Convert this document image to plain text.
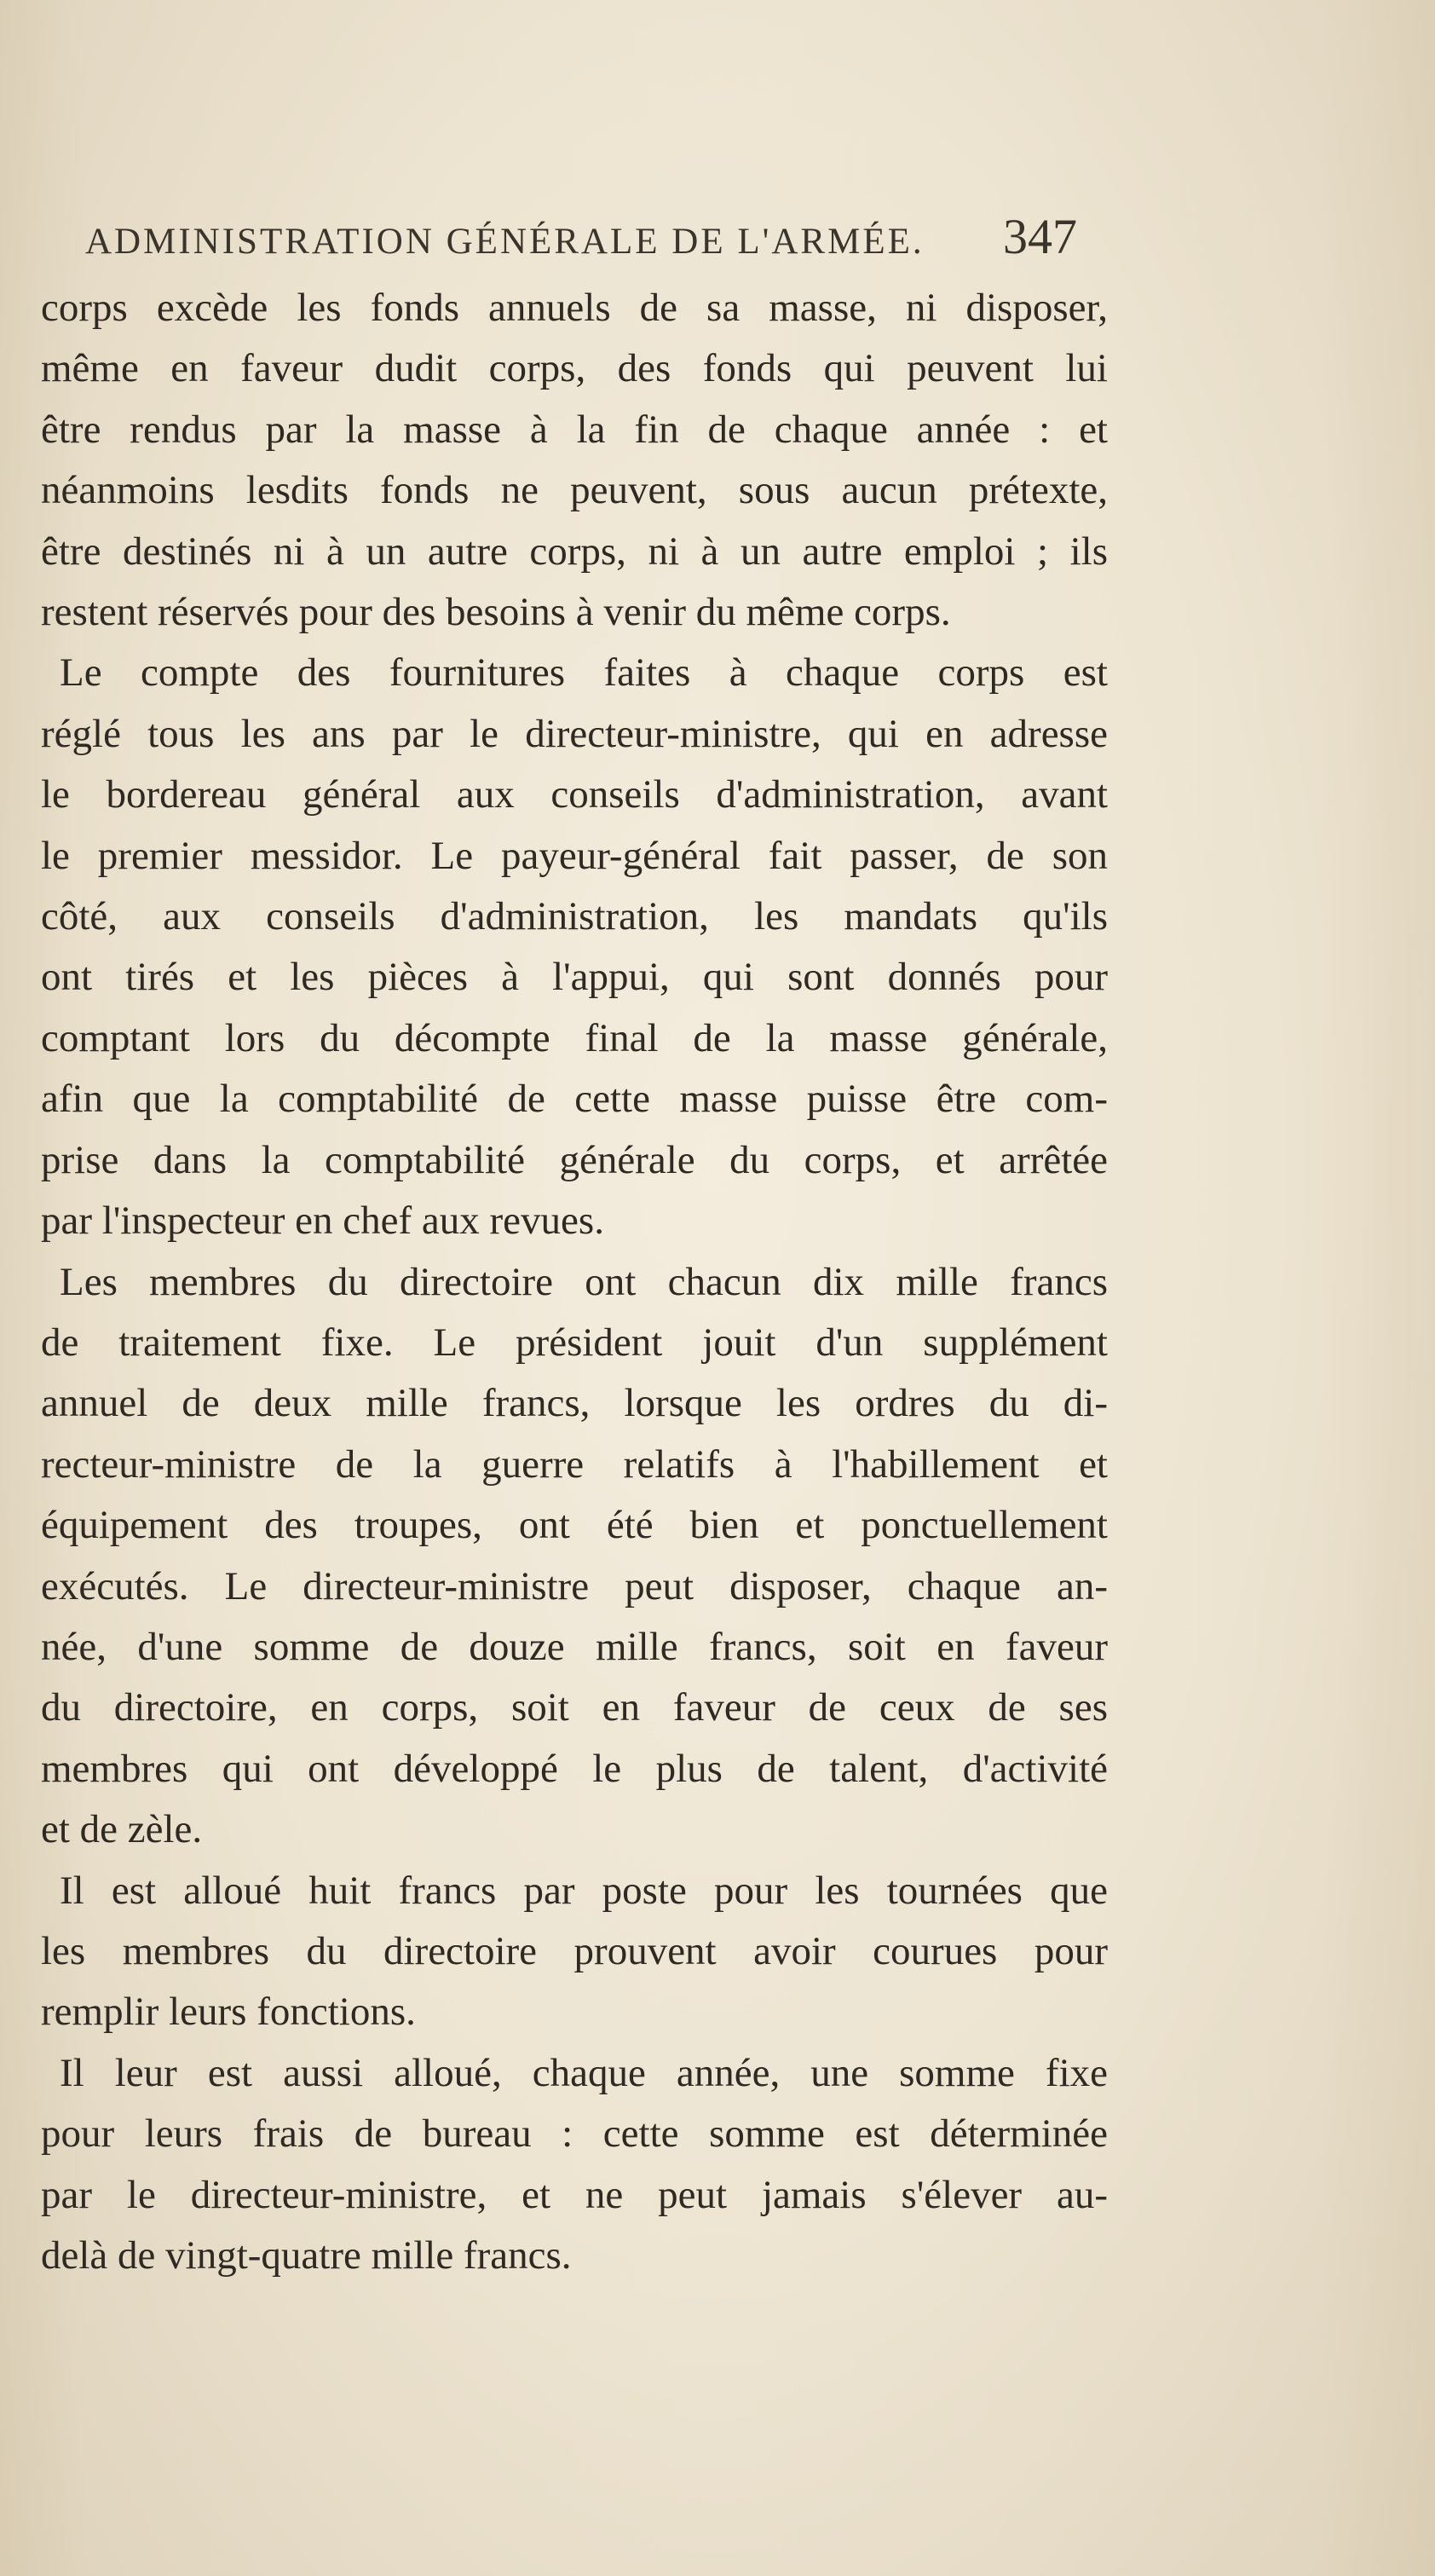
ADMINISTRATION GÉNÉRALE DE L'ARMÉE. 347
corps excède les fonds annuels de sa masse, ni disposer,
même en faveur dudit corps, des fonds qui peuvent lui
être rendus par la masse à la fin de chaque année : et
néanmoins lesdits fonds ne peuvent, sous aucun prétexte,
être destinés ni à un autre corps, ni à un autre emploi ; ils
restent réservés pour des besoins à venir du même corps.
Le compte des fournitures faites à chaque corps est
réglé tous les ans par le directeur-ministre, qui en adresse
le bordereau général aux conseils d'administration, avant
le premier messidor. Le payeur-général fait passer, de son
côté, aux conseils d'administration, les mandats qu'ils
ont tirés et les pièces à l'appui, qui sont donnés pour
comptant lors du décompte final de la masse générale,
afin que la comptabilité de cette masse puisse être com-
prise dans la comptabilité générale du corps, et arrêtée
par l'inspecteur en chef aux revues.
Les membres du directoire ont chacun dix mille francs
de traitement fixe. Le président jouit d'un supplément
annuel de deux mille francs, lorsque les ordres du di-
recteur-ministre de la guerre relatifs à l'habillement et
équipement des troupes, ont été bien et ponctuellement
exécutés. Le directeur-ministre peut disposer, chaque an-
née, d'une somme de douze mille francs, soit en faveur
du directoire, en corps, soit en faveur de ceux de ses
membres qui ont développé le plus de talent, d'activité
et de zèle.
Il est alloué huit francs par poste pour les tournées que
les membres du directoire prouvent avoir courues pour
remplir leurs fonctions.
Il leur est aussi alloué, chaque année, une somme fixe
pour leurs frais de bureau : cette somme est déterminée
par le directeur-ministre, et ne peut jamais s'élever au-
delà de vingt-quatre mille francs.
